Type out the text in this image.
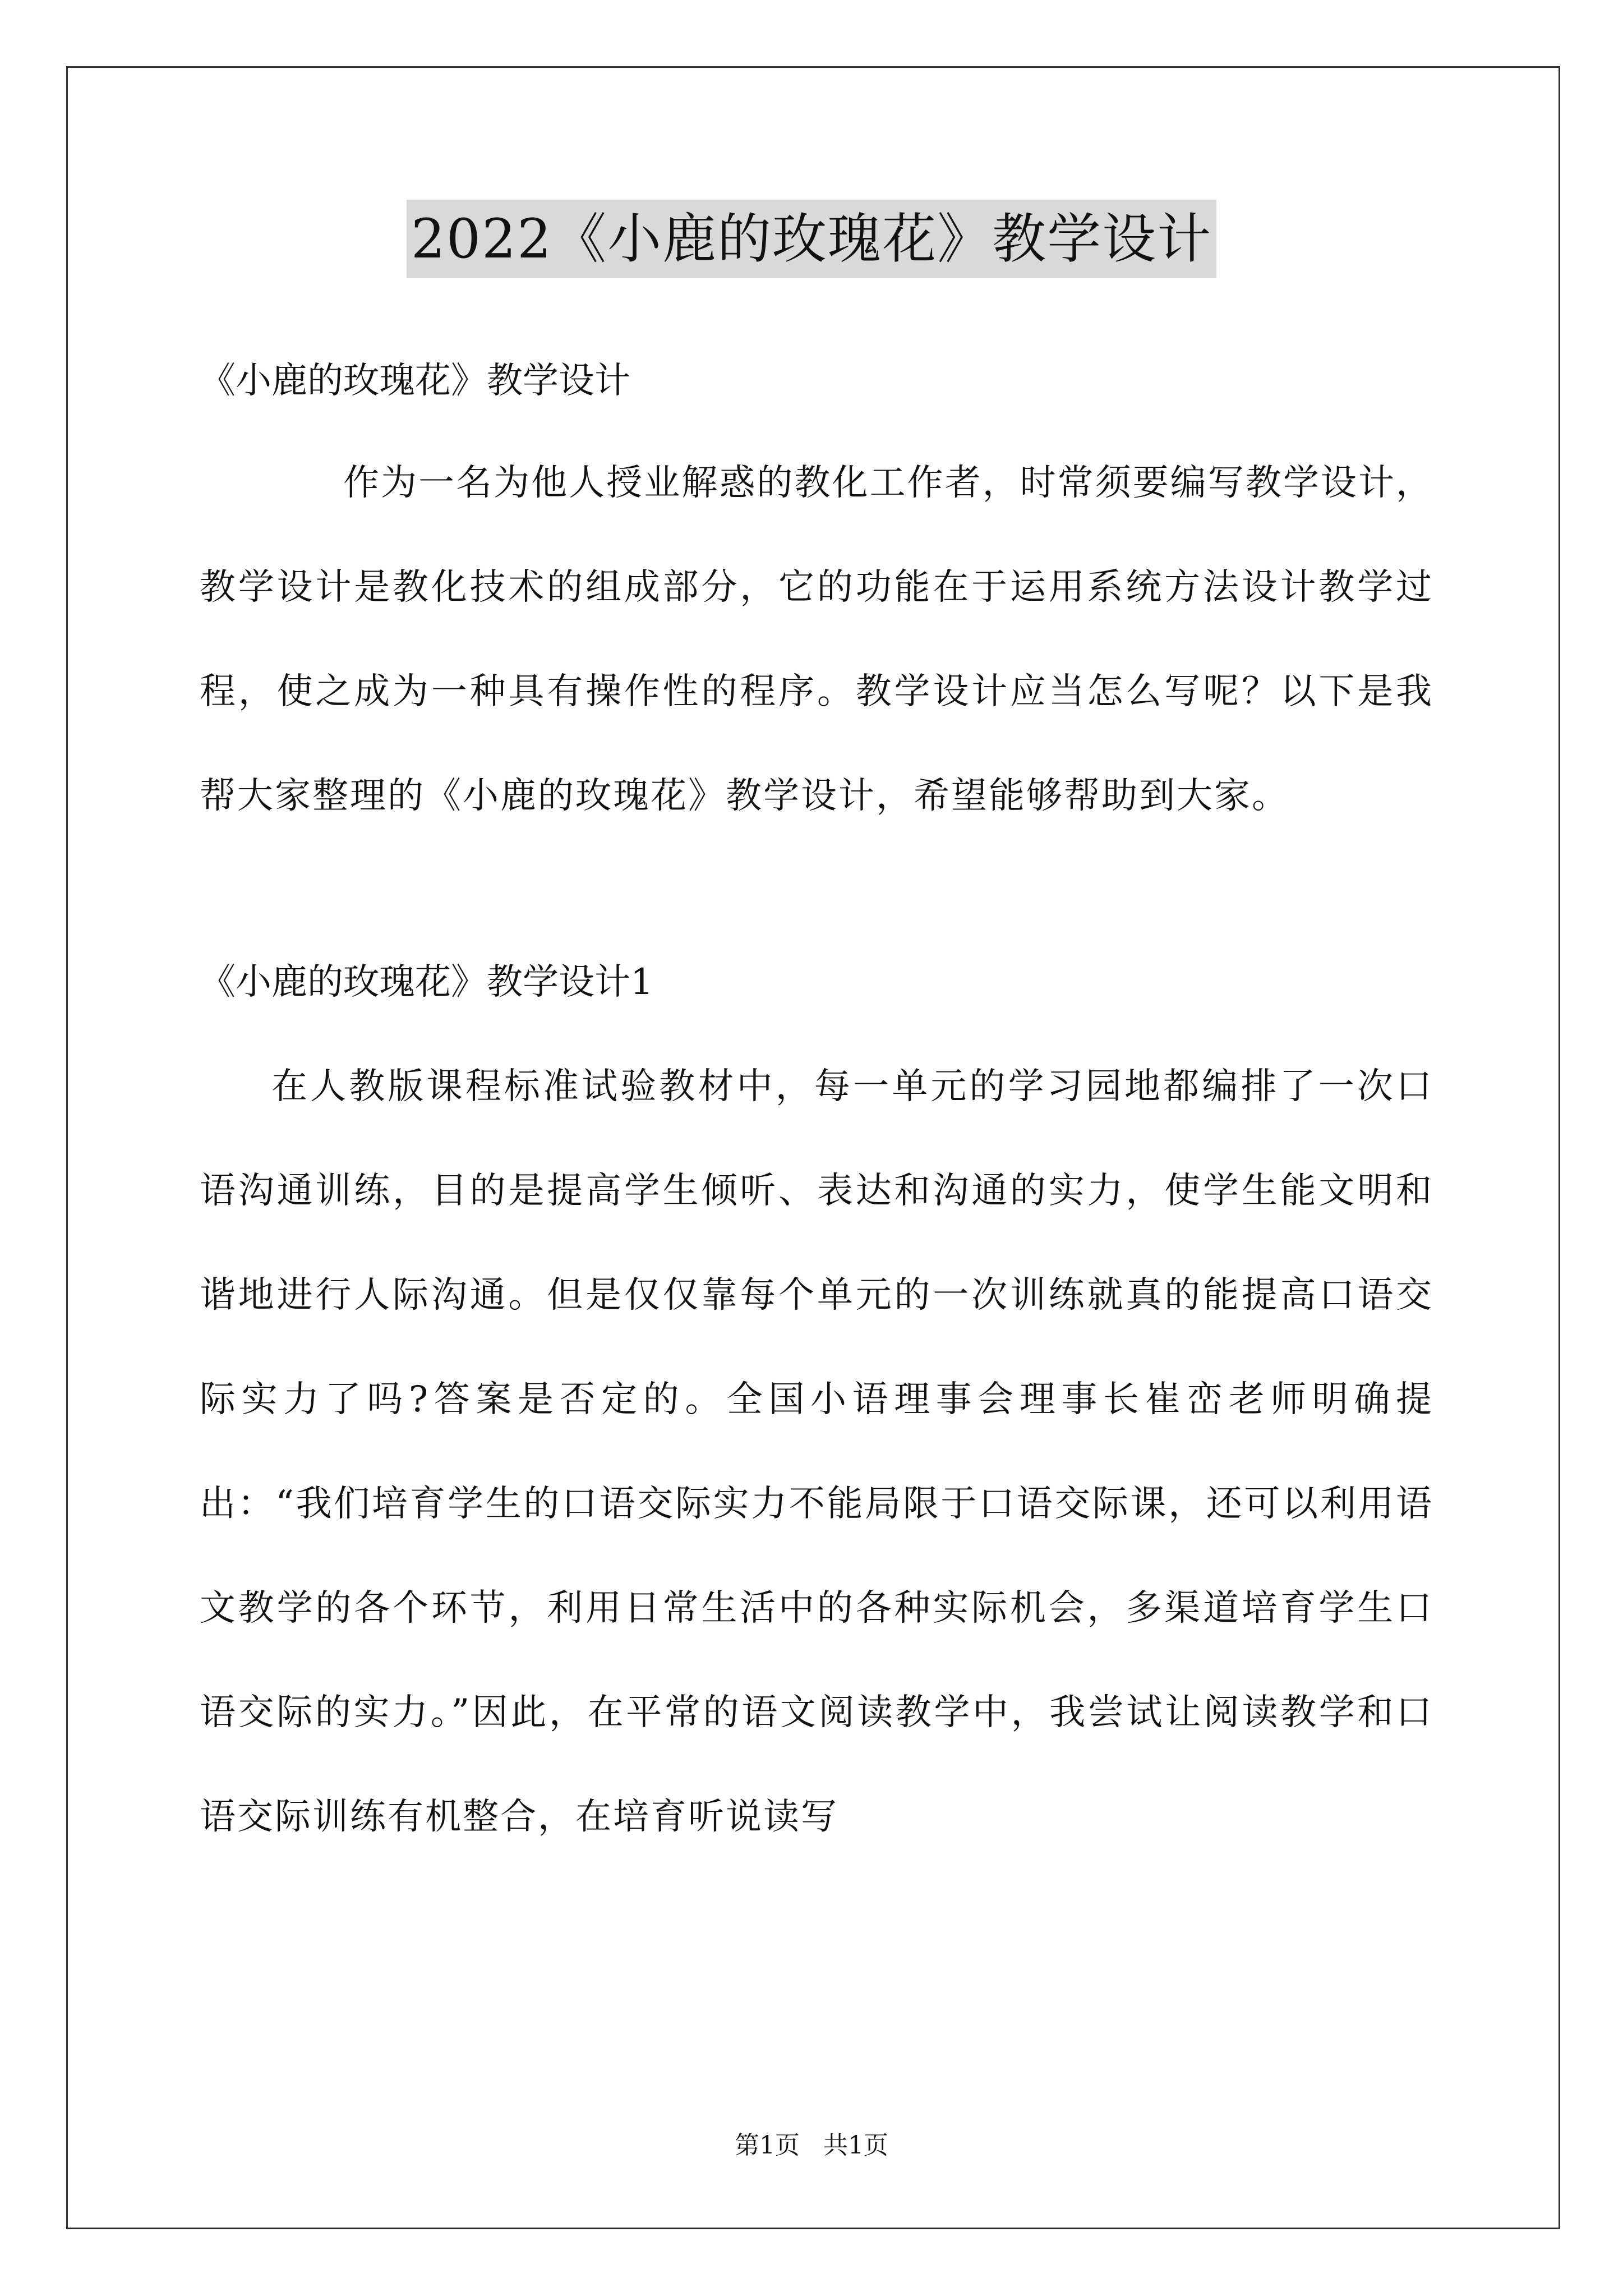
2022《小鹿的玫瑰花》教学设计

《小鹿的玫瑰花》教学设计

作为一名为他人授业解惑的教化工作者，时常须要编写教学设计，教学设计是教化技术的组成部分，它的功能在于运用系统方法设计教学过程，使之成为一种具有操作性的程序。教学设计应当怎么写呢？以下是我帮大家整理的《小鹿的玫瑰花》教学设计，希望能够帮助到大家。

《小鹿的玫瑰花》教学设计1

在人教版课程标准试验教材中，每一单元的学习园地都编排了一次口语沟通训练，目的是提高学生倾听、表达和沟通的实力，使学生能文明和谐地进行人际沟通。但是仅仅靠每个单元的一次训练就真的能提高口语交际实力了吗?答案是否定的。全国小语理事会理事长崔峦老师明确提出：“我们培育学生的口语交际实力不能局限于口语交际课，还可以利用语文教学的各个环节，利用日常生活中的各种实际机会，多渠道培育学生口语交际的实力。”因此，在平常的语文阅读教学中，我尝试让阅读教学和口语交际训练有机整合，在培育听说读写

第1页 共1页
